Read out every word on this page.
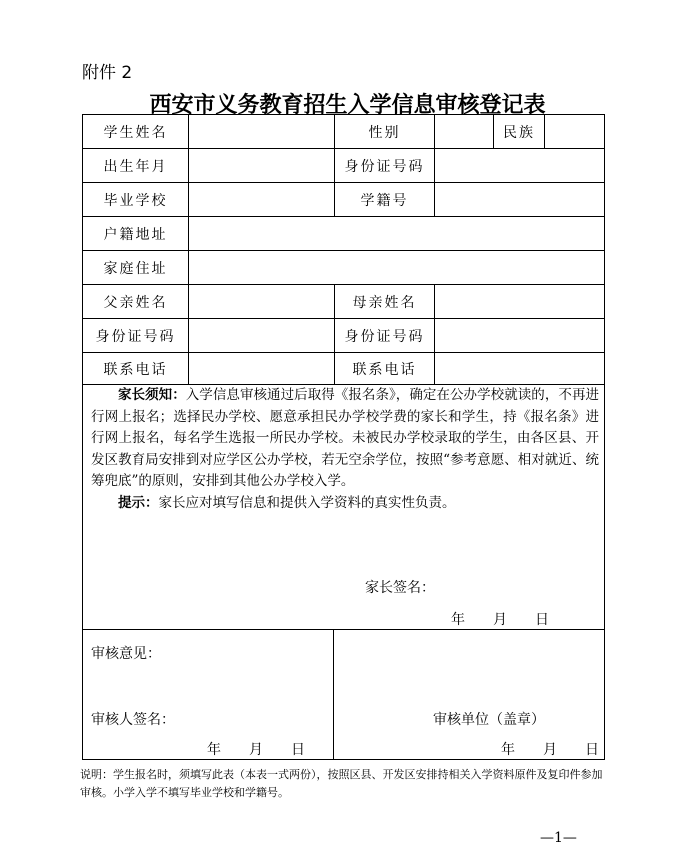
附件 2
西安市义务教育招生入学信息审核登记表
学生姓名	性别	民族
出生年月	身份证号码
毕业学校	学籍号
户籍地址
家庭住址
父亲姓名	母亲姓名
身份证号码	身份证号码
联系电话	联系电话

家长须知：入学信息审核通过后取得《报名条》，确定在公办学校就读的，不再进行网上报名；选择民办学校、愿意承担民办学校学费的家长和学生，持《报名条》进行网上报名，每名学生选报一所民办学校。未被民办学校录取的学生，由各区县、开发区教育局安排到对应学区公办学校，若无空余学位，按照“参考意愿、相对就近、统筹兜底”的原则，安排到其他公办学校入学。

提示：家长应对填写信息和提供入学资料的真实性负责。

家长签名：
年 月 日
审核意见：
审核人签名：
年 月 日
审核单位（盖章）
年 月 日
说明：学生报名时，须填写此表（本表一式两份），按照区县、开发区安排持相关入学资料原件及复印件参加审核。小学入学不填写毕业学校和学籍号。
—1—
